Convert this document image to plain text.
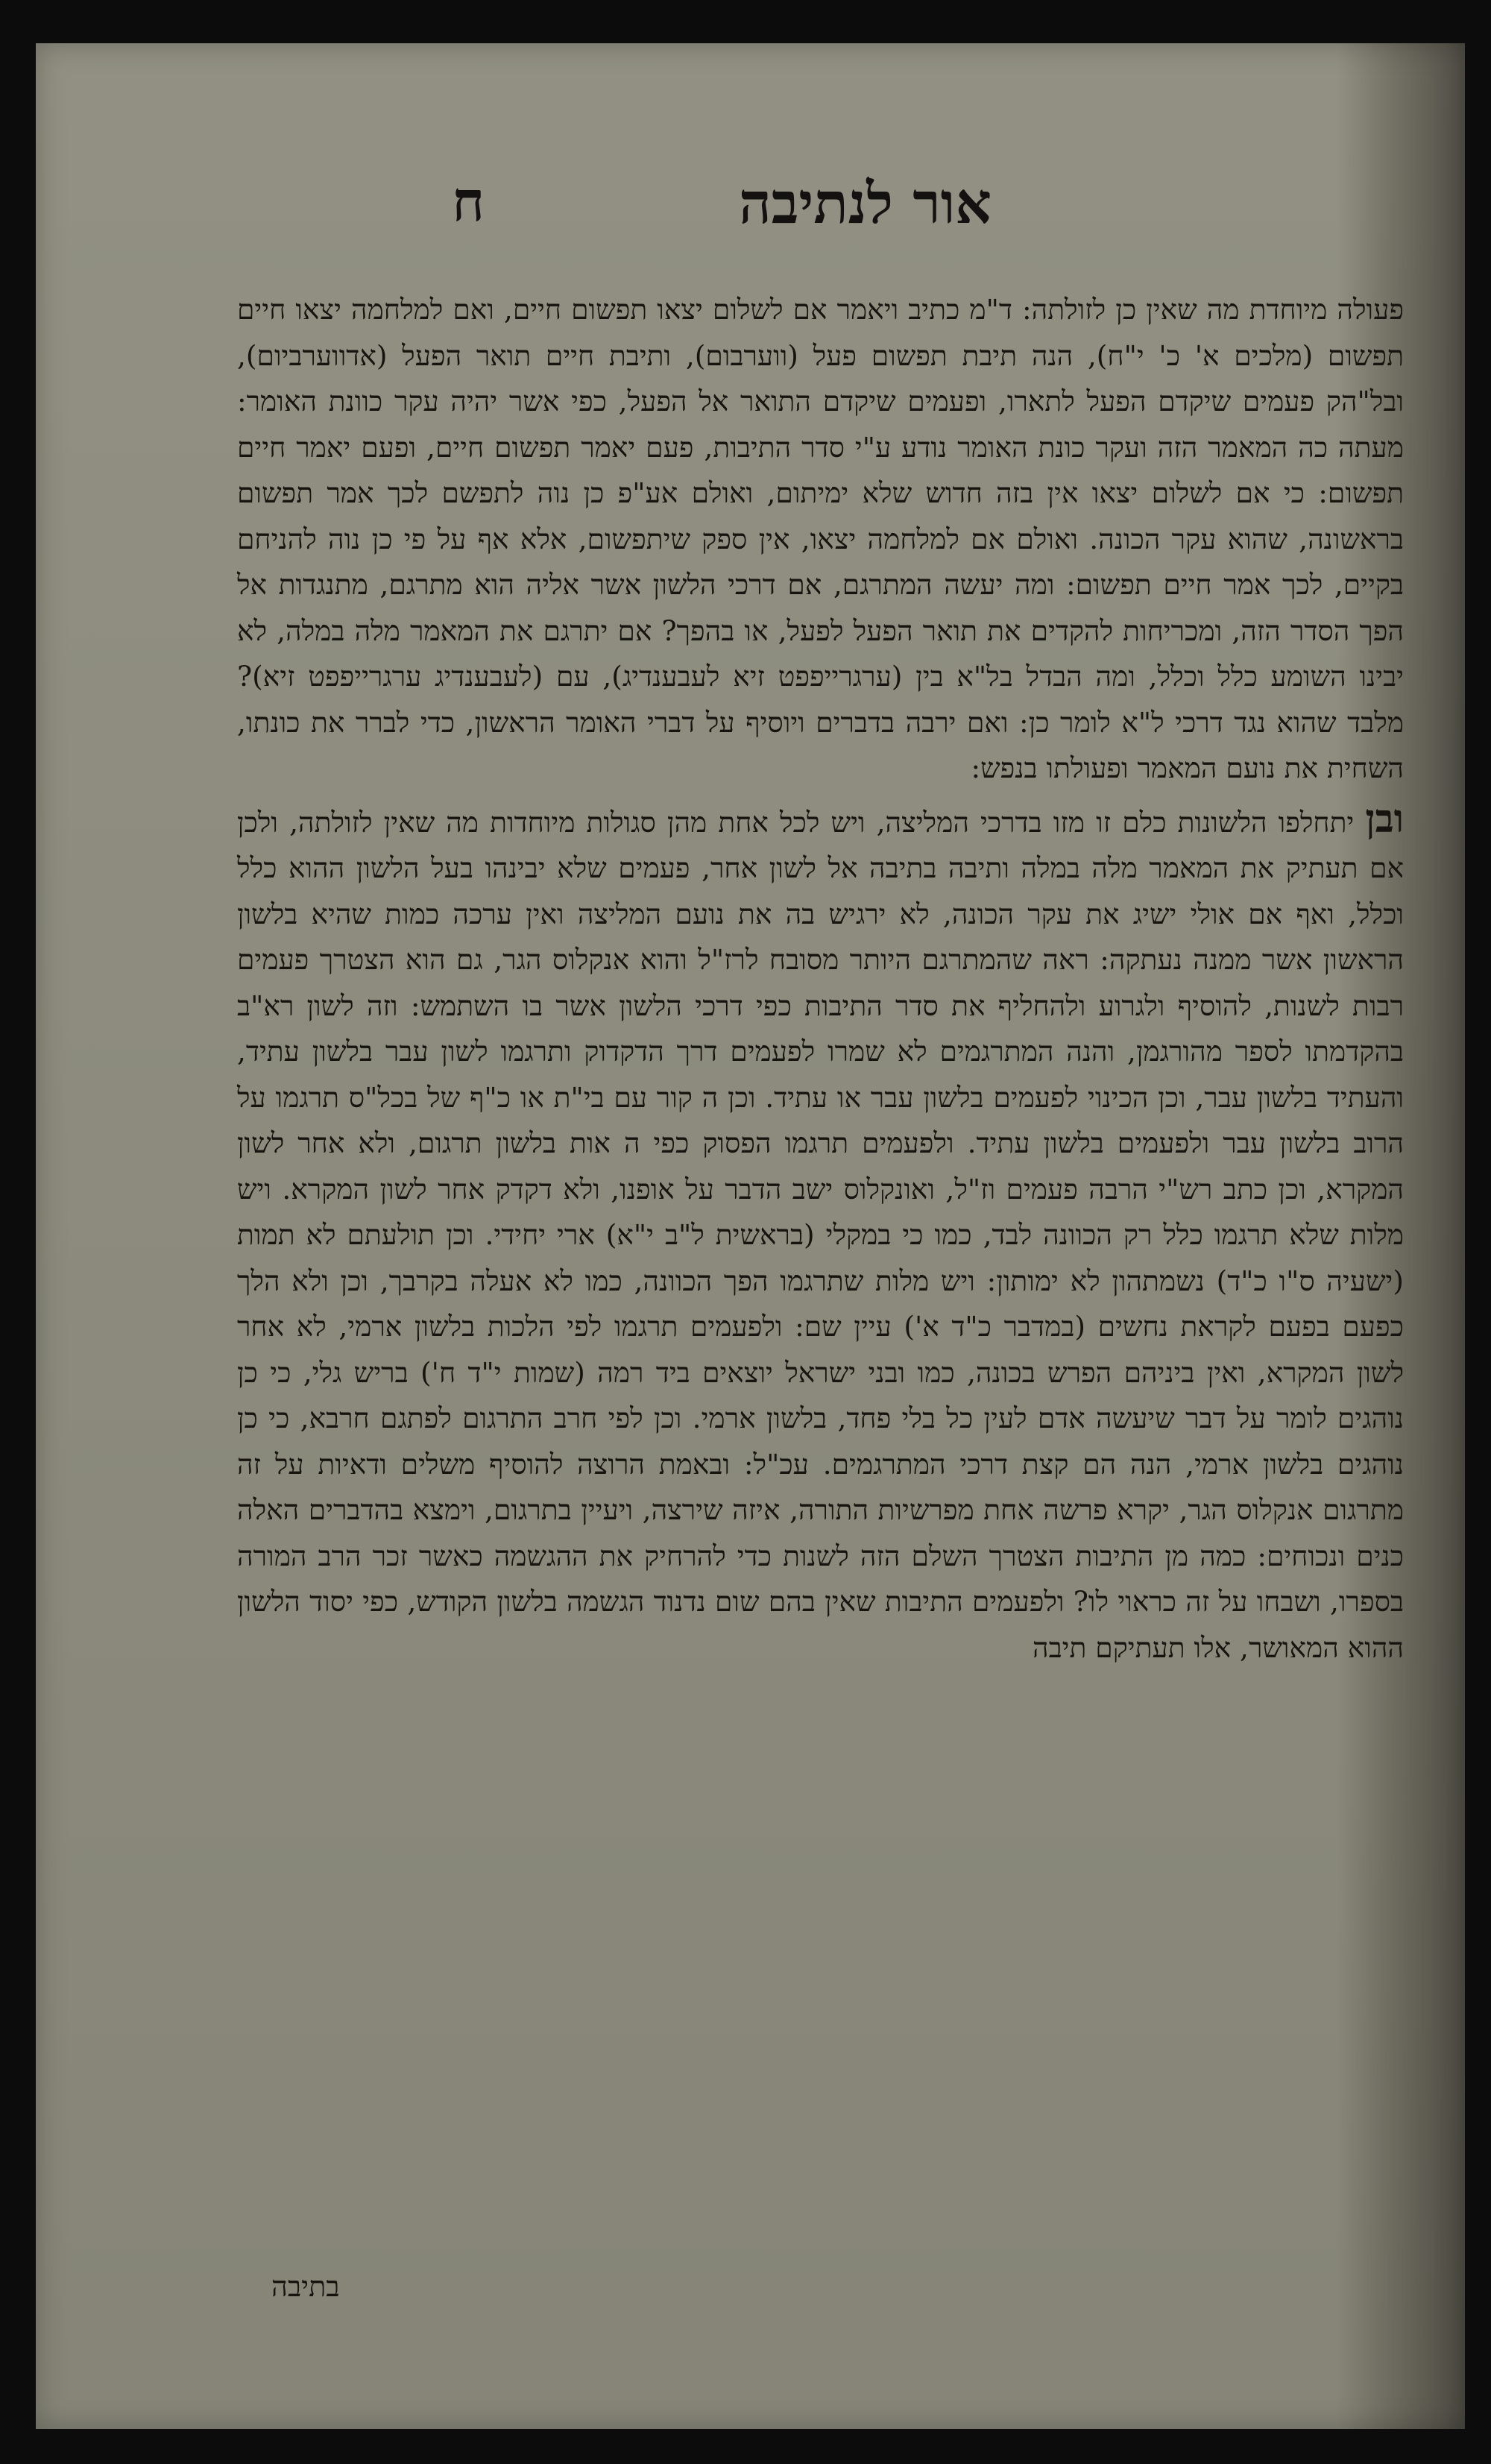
ח	אור לנתיבה

פעולה מיוחדת מה שאין כן לזולתה: ד"מ כתיב ויאמר אם לשלום יצאו תפשום חיים, ואם למלחמה יצאו חיים תפשום (מלכים א' כ' י"ח), הנה תיבת תפשום פעל (ווערבום), ותיבת חיים תואר הפעל (אדווערביום), ובל"הק פעמים שיקדם הפעל לתארו, ופעמים שיקדם התואר אל הפעל, כפי אשר יהיה עקר כוונת האומר: מעתה כה המאמר הזה ועקר כונת האומר נודע ע"י סדר התיבות, פעם יאמר תפשום חיים, ופעם יאמר חיים תפשום: כי אם לשלום יצאו אין בזה חדוש שלא ימיתום, ואולם אע"פ כן נוה לתפשם לכך אמר תפשום בראשונה, שהוא עקר הכונה. ואולם אם למלחמה יצאו, אין ספק שיתפשום, אלא אף על פי כן נוה להניחם בקיים, לכך אמר חיים תפשום: ומה יעשה המתרגם, אם דרכי הלשון אשר אליה הוא מתרגם, מתנגדות אל הפך הסדר הזה, ומכריחות להקדים את תואר הפעל לפעל, או בהפך? אם יתרגם את המאמר מלה במלה, לא יבינו השומע כלל וכלל, ומה הבדל בל"א בין (ערגרייפפט זיא לעבענדיג), עם (לעבענדיג ערגרייפפט זיא)? מלבד שהוא נגד דרכי ל"א לומר כן: ואם ירבה בדברים ויוסיף על דברי האומר הראשון, כדי לברר את כונתו, השחית את נועם המאמר ופעולתו בנפש:

ובן יתחלפו הלשונות כלם זו מזו בדרכי המליצה, ויש לכל אחת מהן סגולות מיוחדות מה שאין לזולתה, ולכן אם תעתיק את המאמר מלה במלה ותיבה בתיבה אל לשון אחר, פעמים שלא יבינהו בעל הלשון ההוא כלל וכלל, ואף אם אולי ישיג את עקר הכונה, לא ירגיש בה את נועם המליצה ואין ערכה כמות שהיא בלשון הראשון אשר ממנה נעתקה: ראה שהמתרגם היותר מסובח לרז"ל והוא אנקלוס הגר, גם הוא הצטרך פעמים רבות לשנות, להוסיף ולגרוע ולהחליף את סדר התיבות כפי דרכי הלשון אשר בו השתמש: וזה לשון רא"ב בהקדמתו לספר מהורגמן, והנה המתרגמים לא שמרו לפעמים דרך הדקדוק ותרגמו לשון עבר בלשון עתיד, והעתיד בלשון עבר, וכן הכינוי לפעמים בלשון עבר או עתיד. וכן ה קור עם בי"ת או כ"ף של בכל"ס תרגמו על הרוב בלשון עבר ולפעמים בלשון עתיד. ולפעמים תרגמו הפסוק כפי ה אות בלשון תרגום, ולא אחר לשון המקרא, וכן כתב רש"י הרבה פעמים וז"ל, ואונקלוס ישב הדבר על אופנו, ולא דקדק אחר לשון המקרא. ויש מלות שלא תרגמו כלל רק הכוונה לבד, כמו כי במקלי (בראשית ל"ב י"א) ארי יחידי. וכן תולעתם לא תמות (ישעיה ס"ו כ"ד) נשמתהון לא ימותון: ויש מלות שתרגמו הפך הכוונה, כמו לא אעלה בקרבך, וכן ולא הלך כפעם בפעם לקראת נחשים (במדבר כ"ד א') עיין שם: ולפעמים תרגמו לפי הלכות בלשון ארמי, לא אחר לשון המקרא, ואין ביניהם הפרש בכונה, כמו ובני ישראל יוצאים ביד רמה (שמות י"ד ח') בריש גלי, כי כן נוהגים לומר על דבר שיעשה אדם לעין כל בלי פחד, בלשון ארמי. וכן לפי חרב התרגום לפתגם חרבא, כי כן נוהגים בלשון ארמי, הנה הם קצת דרכי המתרגמים. עכ"ל: ובאמת הרוצה להוסיף משלים ודאיות על זה מתרגום אנקלוס הגר, יקרא פרשה אחת מפרשיות התורה, איזה שירצה, ויעיין בתרגום, וימצא בהדברים האלה כנים ונכוחים: כמה מן התיבות הצטרך השלם הזה לשנות כדי להרחיק את ההגשמה כאשר זכר הרב המורה בספרו, ושבחו על זה כראוי לו? ולפעמים התיבות שאין בהם שום נדנוד הגשמה בלשון הקודש, כפי יסוד הלשון ההוא המאושר, אלו תעתיקם תיבה

בתיבה
